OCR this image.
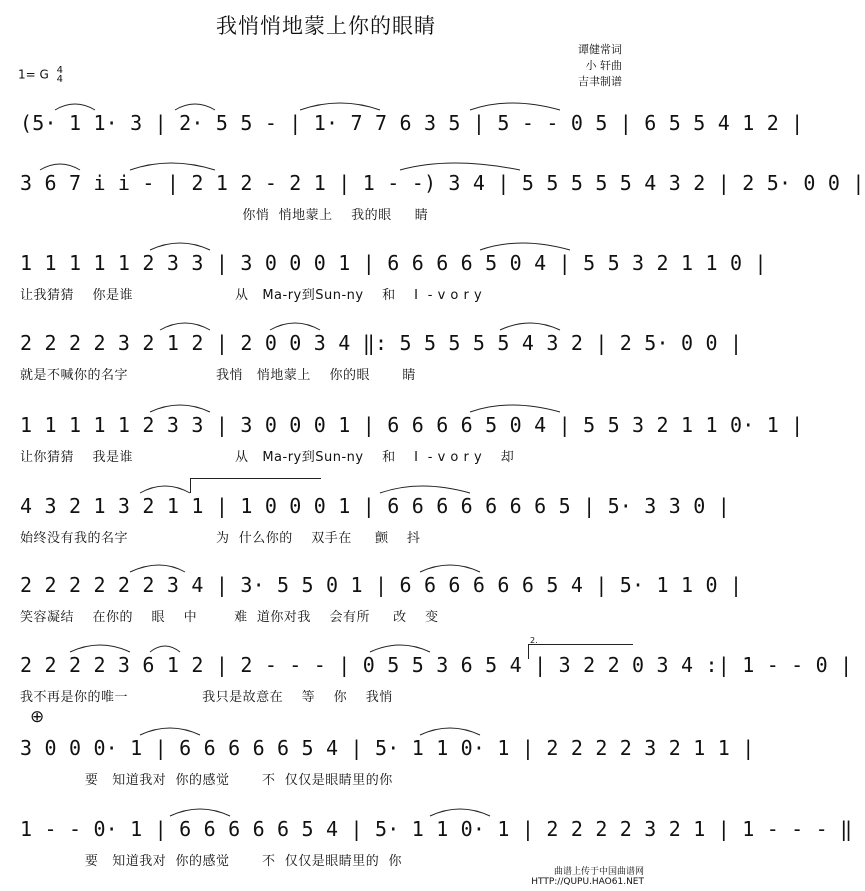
我悄悄地蒙上你的眼睛
谭健常词
小 轩曲
吉聿制谱
1= G 4
4
(5· 1 1· 3 | 2· 5 5 - | 1· 7 7 6 3 5 | 5 - - 0 5 | 6 5 5 4 1 2 |
3 6 7 i i - | 2 1 2 - 2 1 | 1 - -) 3 4 | 5 5 5 5 5 4 3 2 | 2 5· 0 0 |
你悄  悄地蒙上    我的眼     睛
1 1 1 1 1 2 3 3 | 3 0 0 0 1 | 6 6 6 6 5 0 4 | 5 5 3 2 1 1 0 |
让我猜猜    你是谁                      从   Ma-ry到Sun-ny    和    I  - v o r y
2 2 2 2 3 2 1 2 | 2 0 0 3 4 ‖: 5 5 5 5 5 4 3 2 | 2 5· 0 0 |
就是不喊你的名字                   我悄   悄地蒙上    你的眼       睛
1 1 1 1 1 2 3 3 | 3 0 0 0 1 | 6 6 6 6 5 0 4 | 5 5 3 2 1 1 0· 1 |
让你猜猜    我是谁                      从   Ma-ry到Sun-ny    和    I  - v o r y    却
4 3 2 1 3 2 1 1 | 1 0 0 0 1 | 6 6 6 6 6 6 6 5 | 5· 3 3 0 |
始终没有我的名字                   为  什么你的    双手在     颤    抖
2 2 2 2 2 2 3 4 | 3· 5 5 0 1 | 6 6 6 6 6 6 5 4 | 5· 1 1 0 |
笑容凝结    在你的    眼    中        难  道你对我    会有所     改    变
2.
2 2 2 2 3 6 1 2 | 2 - - - | 0 5 5 3 6 5 4 | 3 2 2 0 3 4 :| 1 - - 0 |
我不再是你的唯一                我只是故意在    等    你    我悄
⊕
3 0 0 0· 1 | 6 6 6 6 6 5 4 | 5· 1 1 0· 1 | 2 2 2 2 3 2 1 1 |
要   知道我对  你的感觉       不  仅仅是眼睛里的你
1 - - 0· 1 | 6 6 6 6 6 5 4 | 5· 1 1 0· 1 | 2 2 2 2 3 2 1 | 1 - - - ‖
要   知道我对  你的感觉       不  仅仅是眼睛里的  你
曲谱上传于中国曲谱网
HTTP://QUPU.HAO61.NET
